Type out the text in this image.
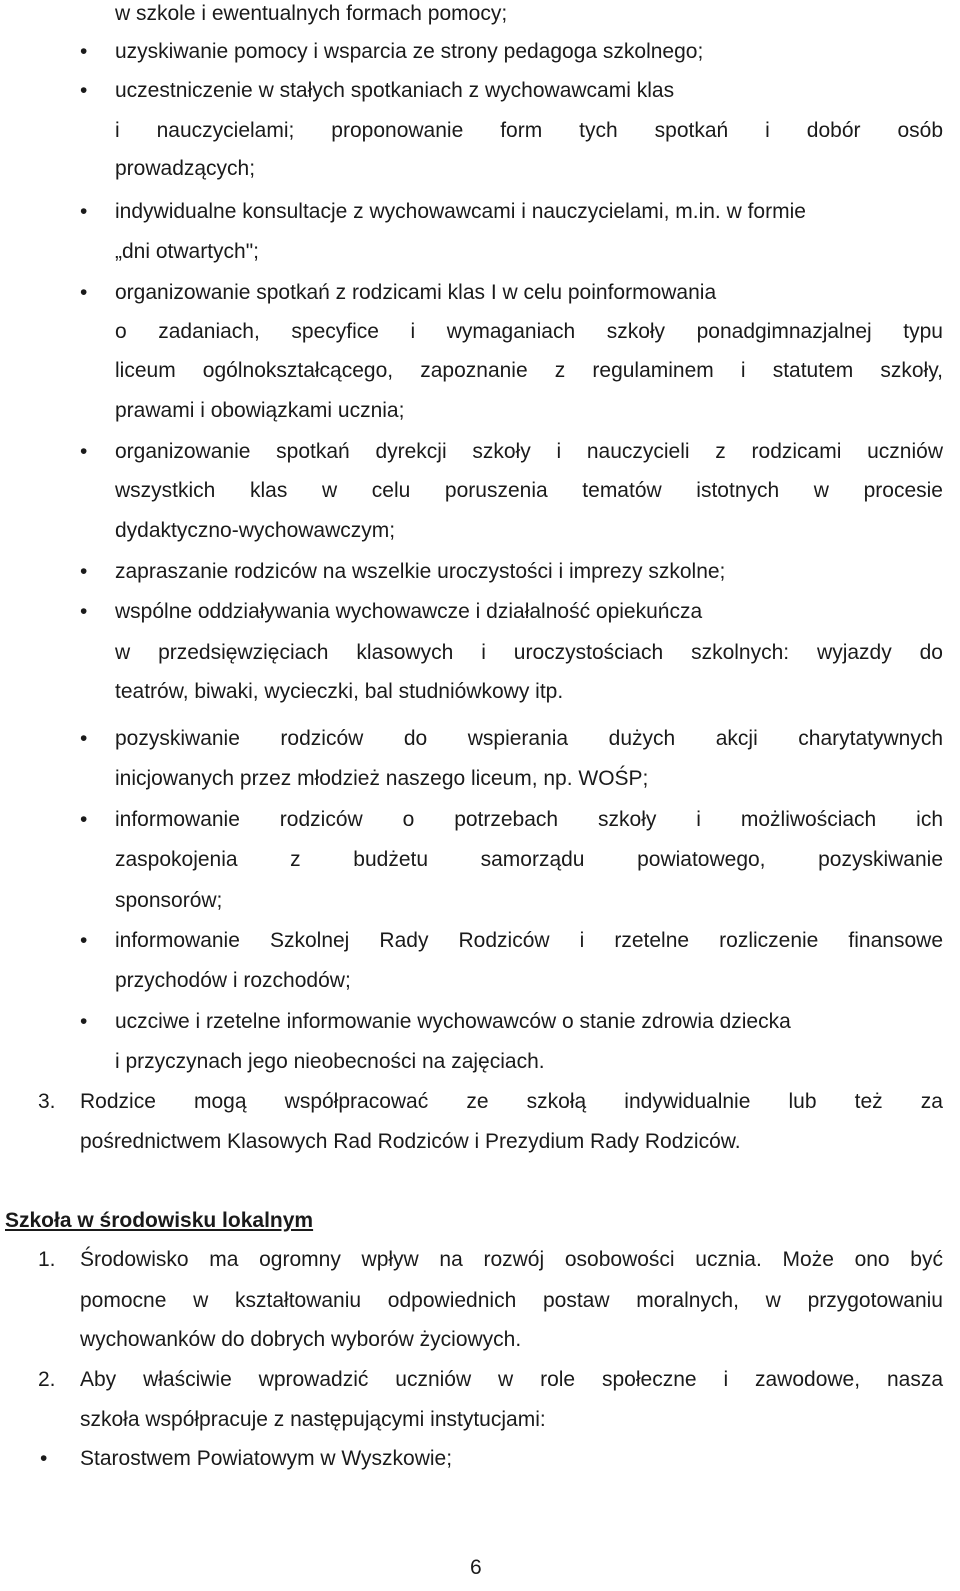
w szkole i ewentualnych formach pomocy;

• uzyskiwanie pomocy i wsparcia ze strony pedagoga szkolnego;

• uczestniczenie w stałych spotkaniach z wychowawcami klas

i nauczycielami; proponowanie form tych spotkań i dobór osób

prowadzących;

• indywidualne konsultacje z wychowawcami i nauczycielami, m.in. w formie

„dni otwartych";

• organizowanie spotkań z rodzicami klas I w celu poinformowania

o zadaniach, specyfice i wymaganiach szkoły ponadgimnazjalnej typu

liceum ogólnokształcącego, zapoznanie z regulaminem i statutem szkoły,

prawami i obowiązkami ucznia;

• organizowanie spotkań dyrekcji szkoły i nauczycieli z rodzicami uczniów

wszystkich klas w celu poruszenia tematów istotnych w procesie

dydaktyczno-wychowawczym;

• zapraszanie rodziców na wszelkie uroczystości i imprezy szkolne;

• wspólne oddziaływania wychowawcze i działalność opiekuńcza

w przedsięwzięciach klasowych i uroczystościach szkolnych: wyjazdy do

teatrów, biwaki, wycieczki, bal studniówkowy itp.

• pozyskiwanie rodziców do wspierania dużych akcji charytatywnych

inicjowanych przez młodzież naszego liceum, np. WOŚP;

• informowanie rodziców o potrzebach szkoły i możliwościach ich

zaspokojenia z budżetu samorządu powiatowego, pozyskiwanie

sponsorów;

• informowanie Szkolnej Rady Rodziców i rzetelne rozliczenie finansowe

przychodów i rozchodów;

• uczciwe i rzetelne informowanie wychowawców o stanie zdrowia dziecka

i przyczynach jego nieobecności na zajęciach.

3. Rodzice mogą współpracować ze szkołą indywidualnie lub też za

pośrednictwem Klasowych Rad Rodziców i Prezydium Rady Rodziców.

Szkoła w środowisku lokalnym
1. Środowisko ma ogromny wpływ na rozwój osobowości ucznia. Może ono być

pomocne w kształtowaniu odpowiednich postaw moralnych, w przygotowaniu

wychowanków do dobrych wyborów życiowych.

2. Aby właściwie wprowadzić uczniów w role społeczne i zawodowe, nasza

szkoła współpracuje z następującymi instytucjami:

• Starostwem Powiatowym w Wyszkowie;

6
